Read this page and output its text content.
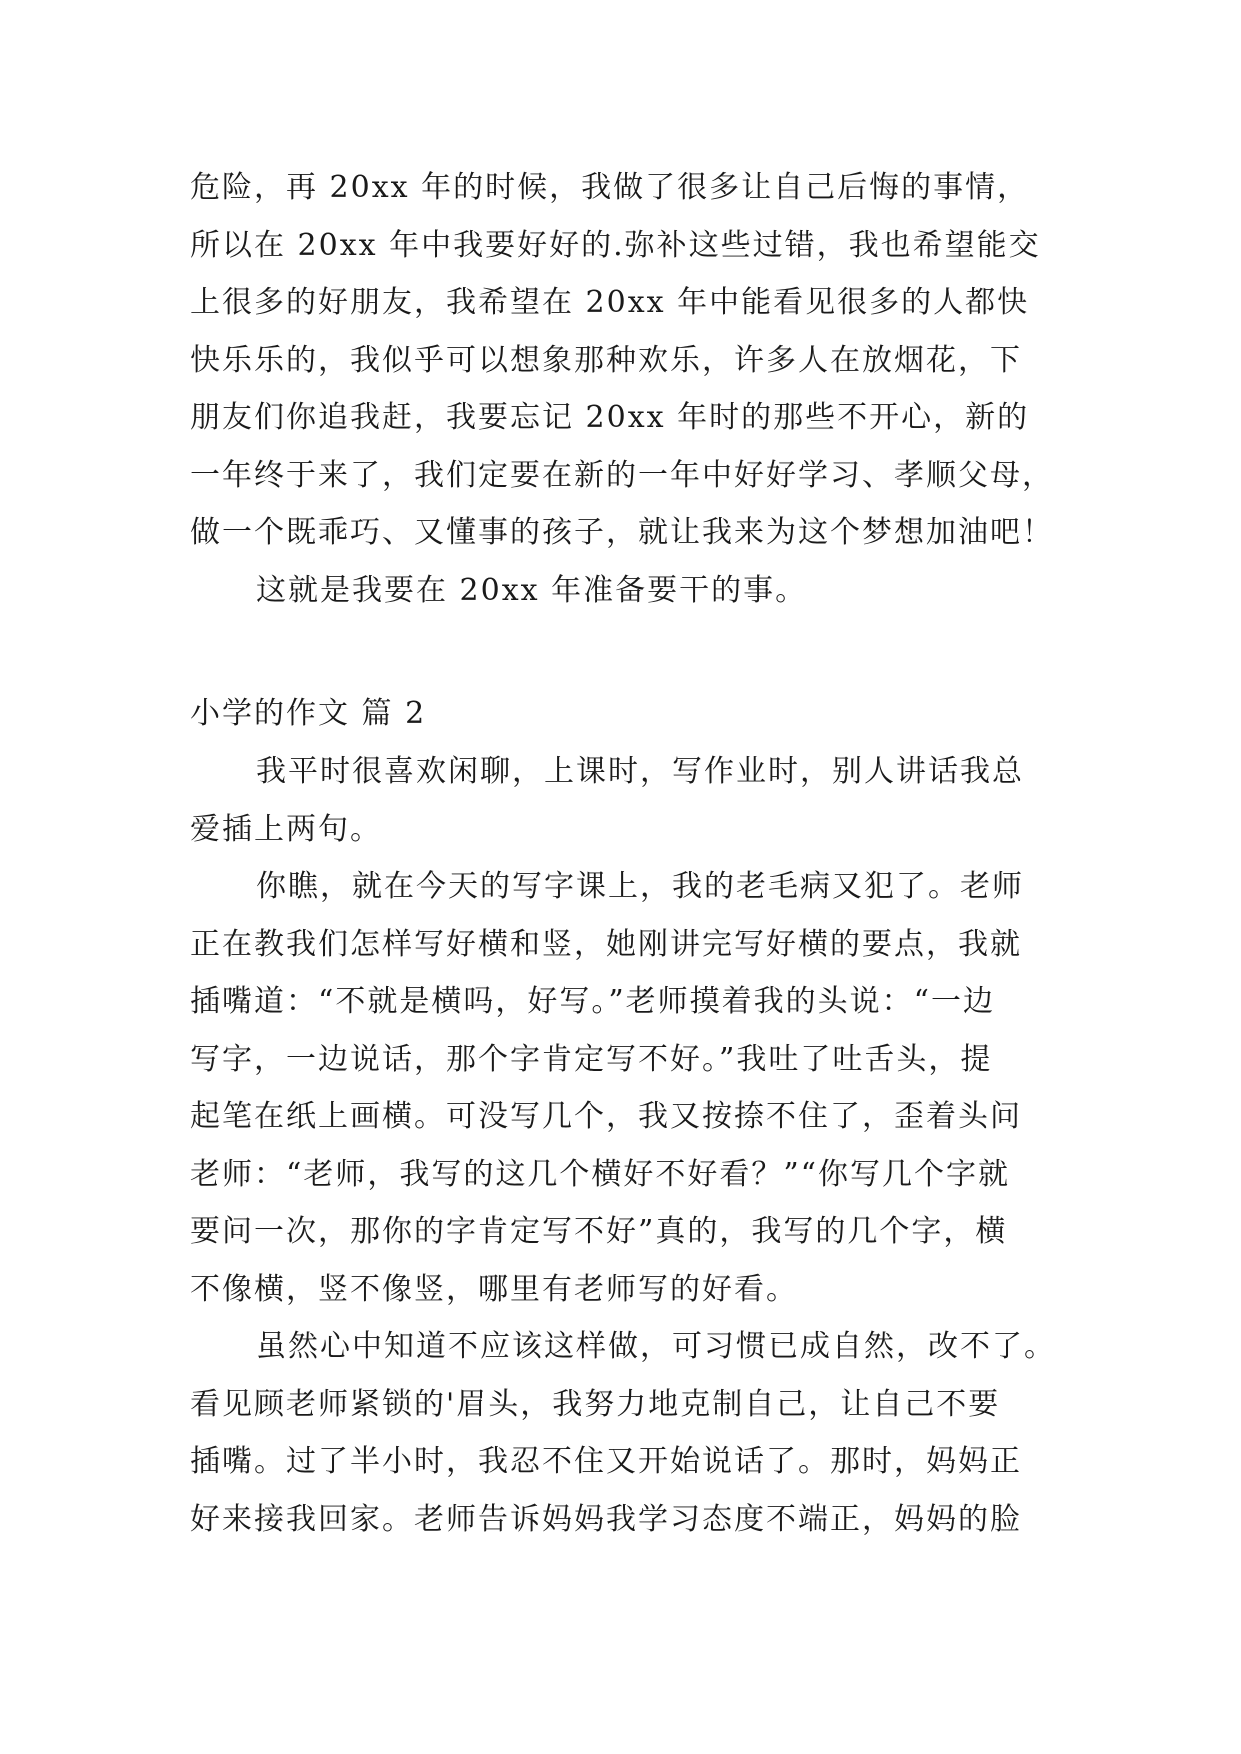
危险，再 20xx 年的时候，我做了很多让自己后悔的事情，
所以在 20xx 年中我要好好的.弥补这些过错，我也希望能交
上很多的好朋友，我希望在 20xx 年中能看见很多的人都快
快乐乐的，我似乎可以想象那种欢乐，许多人在放烟花，下
朋友们你追我赶，我要忘记 20xx 年时的那些不开心，新的
一年终于来了，我们定要在新的一年中好好学习、孝顺父母，
做一个既乖巧、又懂事的孩子，就让我来为这个梦想加油吧！
这就是我要在 20xx 年准备要干的事。
小学的作文 篇 2
我平时很喜欢闲聊，上课时，写作业时，别人讲话我总
爱插上两句。
你瞧，就在今天的写字课上，我的老毛病又犯了。老师
正在教我们怎样写好横和竖，她刚讲完写好横的要点，我就
插嘴道：“不就是横吗，好写。”老师摸着我的头说：“一边
写字，一边说话，那个字肯定写不好。”我吐了吐舌头，提
起笔在纸上画横。可没写几个，我又按捺不住了，歪着头问
老师：“老师，我写的这几个横好不好看？”“你写几个字就
要问一次，那你的字肯定写不好”真的，我写的几个字，横
不像横，竖不像竖，哪里有老师写的好看。
虽然心中知道不应该这样做，可习惯已成自然，改不了。
看见顾老师紧锁的'眉头，我努力地克制自己，让自己不要
插嘴。过了半小时，我忍不住又开始说话了。那时，妈妈正
好来接我回家。老师告诉妈妈我学习态度不端正，妈妈的脸
